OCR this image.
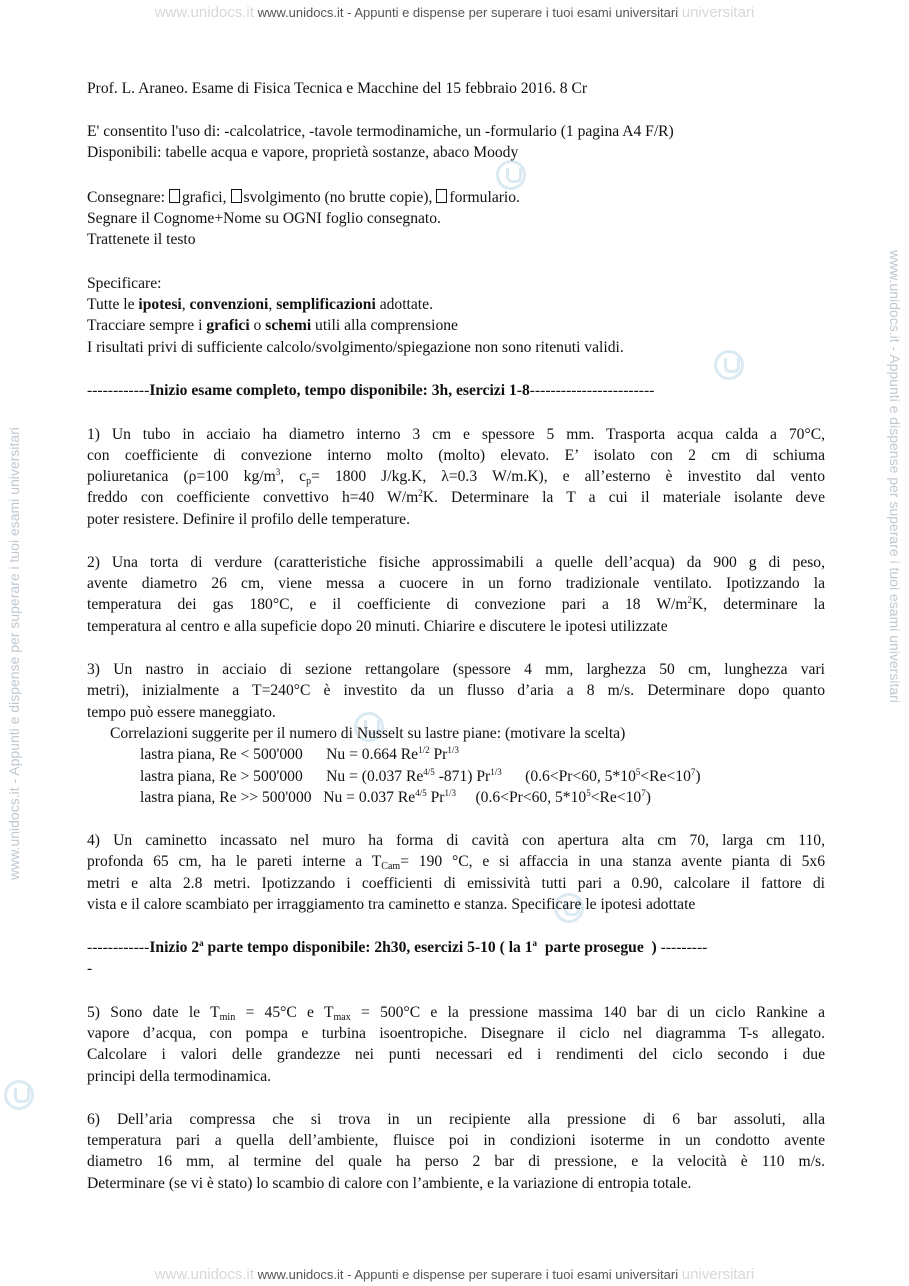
www.unidocs.it www.unidocs.it - Appunti e dispense per superare i tuoi esami universitari universitari
www.unidocs.it www.unidocs.it - Appunti e dispense per superare i tuoi esami universitari universitari
www.unidocs.it - Appunti e dispense per superare i tuoi esami universitari	www.unidocs.it - Appunti e dispense per superare i tuoi esami universitari
Prof. L. Araneo. Esame di Fisica Tecnica e Macchine del 15 febbraio 2016. 8 Cr
E' consentito l'uso di: -calcolatrice, -tavole termodinamiche, un -formulario (1 pagina A4 F/R)
Disponibili: tabelle acqua e vapore, proprietà sostanze, abaco Moody
Consegnare: grafici, svolgimento (no brutte copie), formulario.
Segnare il Cognome+Nome su OGNI foglio consegnato.
Trattenete il testo
Specificare:
Tutte le ipotesi, convenzioni, semplificazioni adottate.
Tracciare sempre i grafici o schemi utili alla comprensione
I risultati privi di sufficiente calcolo/svolgimento/spiegazione non sono ritenuti validi.
------------Inizio esame completo, tempo disponibile: 3h, esercizi 1-8------------------------
1) Un tubo in acciaio ha diametro interno 3 cm e spessore 5 mm. Trasporta acqua calda a 70°C,
con coefficiente di convezione interno molto (molto) elevato. E’ isolato con 2 cm di schiuma
poliuretanica (ρ=100 $kg/m^3$, $c_p= 1800$ J/kg.K, λ=0.3 W/m.K), e all’esterno è investito dal vento
freddo con coefficiente convettivo h=40 $W/m^2K$. Determinare la T a cui il materiale isolante deve
poter resistere. Definire il profilo delle temperature.
2) Una torta di verdure (caratteristiche fisiche approssimabili a quelle dell’acqua) da 900 g di peso,
avente diametro 26 cm, viene messa a cuocere in un forno tradizionale ventilato. Ipotizzando la
temperatura dei gas 180°C, e il coefficiente di convezione pari a 18 $W/m^2K$, determinare la
temperatura al centro e alla supeficie dopo 20 minuti. Chiarire e discutere le ipotesi utilizzate
3) Un nastro in acciaio di sezione rettangolare (spessore 4 mm, larghezza 50 cm, lunghezza vari
metri), inizialmente a T=240°C è investito da un flusso d’aria a 8 m/s. Determinare dopo quanto
tempo può essere maneggiato.
Correlazioni suggerite per il numero di Nusselt su lastre piane: (motivare la scelta)
lastra piana, Re < 500'000      Nu = 0.664 $Re^{1/2}$ $Pr^{1/3}$
lastra piana, Re > 500'000      Nu = (0.037 $Re^{4/5}$ -871) $Pr^{1/3}$      (0.6<Pr<60, $5*10^5<Re<10^7$)
lastra piana, Re >> 500'000   Nu = 0.037 $Re^{4/5}$ $Pr^{1/3}$     (0.6<Pr<60, $5*10^5<Re<10^7$)
4) Un caminetto incassato nel muro ha forma di cavità con apertura alta cm 70, larga cm 110,
profonda 65 cm, ha le pareti interne a $T_{Cam}= 190$ °C, e si affaccia in una stanza avente pianta di 5x6
metri e alta 2.8 metri. Ipotizzando i coefficienti di emissività tutti pari a 0.90, calcolare il fattore di
vista e il calore scambiato per irraggiamento tra caminetto e stanza. Specificare le ipotesi adottate
------------Inizio 2$^a$ parte tempo disponibile: 2h30, esercizi 5-10 ( la 1$^a$  parte prosegue  ) ---------
-
5) Sono date le $T_{min} = 45^\circ C$ e $T_{max} = 500^\circ C$ e la pressione massima 140 bar di un ciclo Rankine a
vapore d’acqua, con pompa e turbina isoentropiche. Disegnare il ciclo nel diagramma T-s allegato.
Calcolare i valori delle grandezze nei punti necessari ed i rendimenti del ciclo secondo i due
principi della termodinamica.
6) Dell’aria compressa che si trova in un recipiente alla pressione di 6 bar assoluti, alla
temperatura pari a quella dell’ambiente, fluisce poi in condizioni isoterme in un condotto avente
diametro 16 mm, al termine del quale ha perso 2 bar di pressione, e la velocità è 110 m/s.
Determinare (se vi è stato) lo scambio di calore con l’ambiente, e la variazione di entropia totale.
